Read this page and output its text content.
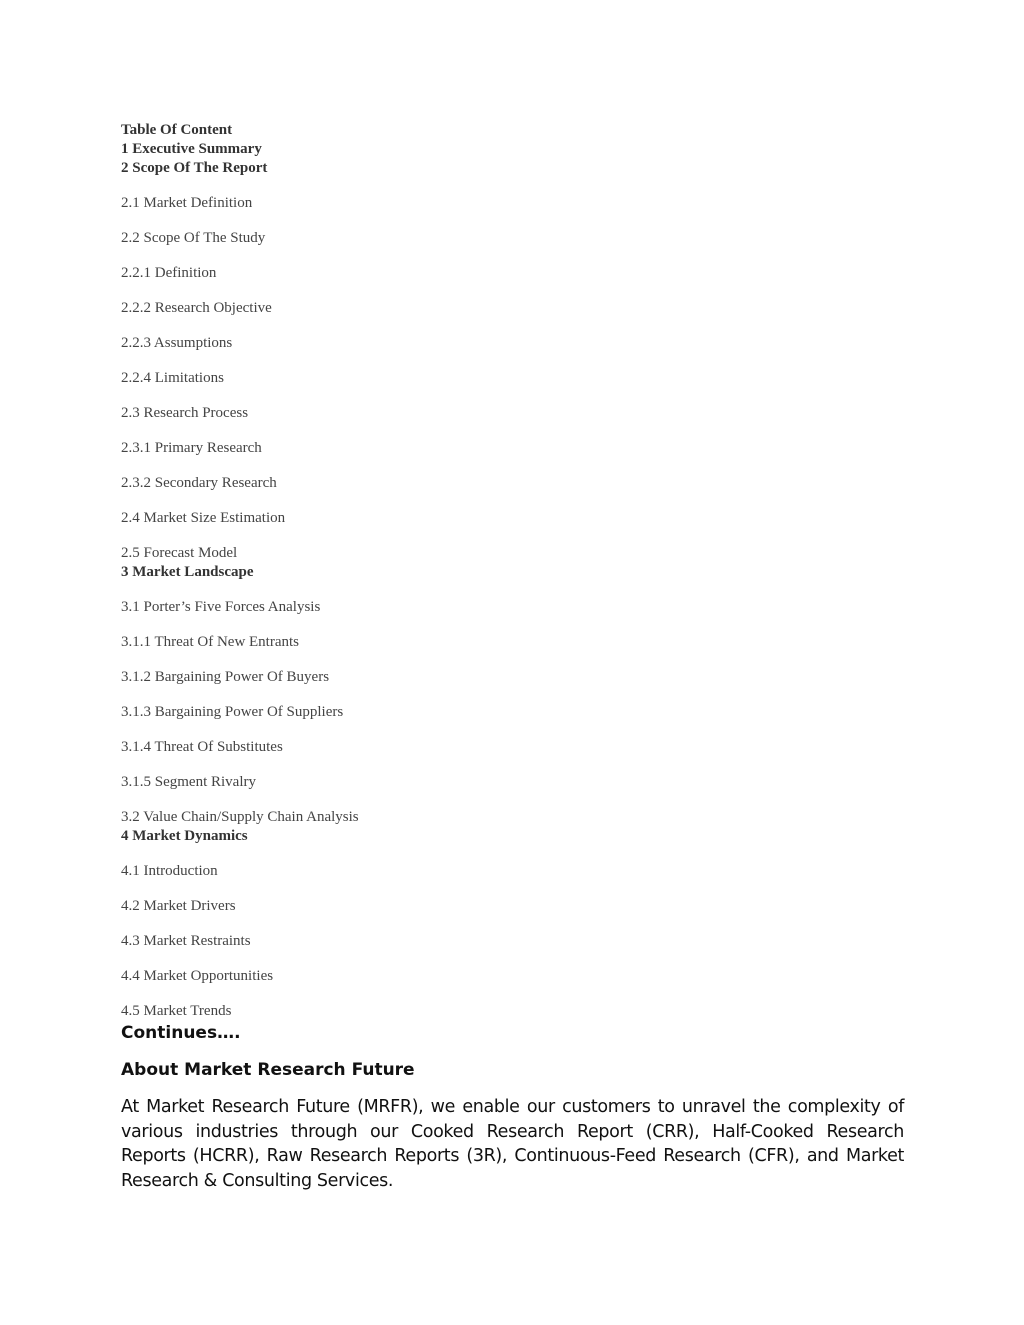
Table Of Content
1 Executive Summary
2 Scope Of The Report
2.1 Market Definition
2.2 Scope Of The Study
2.2.1 Definition
2.2.2 Research Objective
2.2.3 Assumptions
2.2.4 Limitations
2.3 Research Process
2.3.1 Primary Research
2.3.2 Secondary Research
2.4 Market Size Estimation
2.5 Forecast Model
3 Market Landscape
3.1 Porter’s Five Forces Analysis
3.1.1 Threat Of New Entrants
3.1.2 Bargaining Power Of Buyers
3.1.3 Bargaining Power Of Suppliers
3.1.4 Threat Of Substitutes
3.1.5 Segment Rivalry
3.2 Value Chain/Supply Chain Analysis
4 Market Dynamics
4.1 Introduction
4.2 Market Drivers
4.3 Market Restraints
4.4 Market Opportunities
4.5 Market Trends
Continues….
About Market Research Future
At Market Research Future (MRFR), we enable our customers to unravel the complexity of various industries through our Cooked Research Report (CRR), Half-Cooked Research Reports (HCRR), Raw Research Reports (3R), Continuous-Feed Research (CFR), and Market Research & Consulting Services.
